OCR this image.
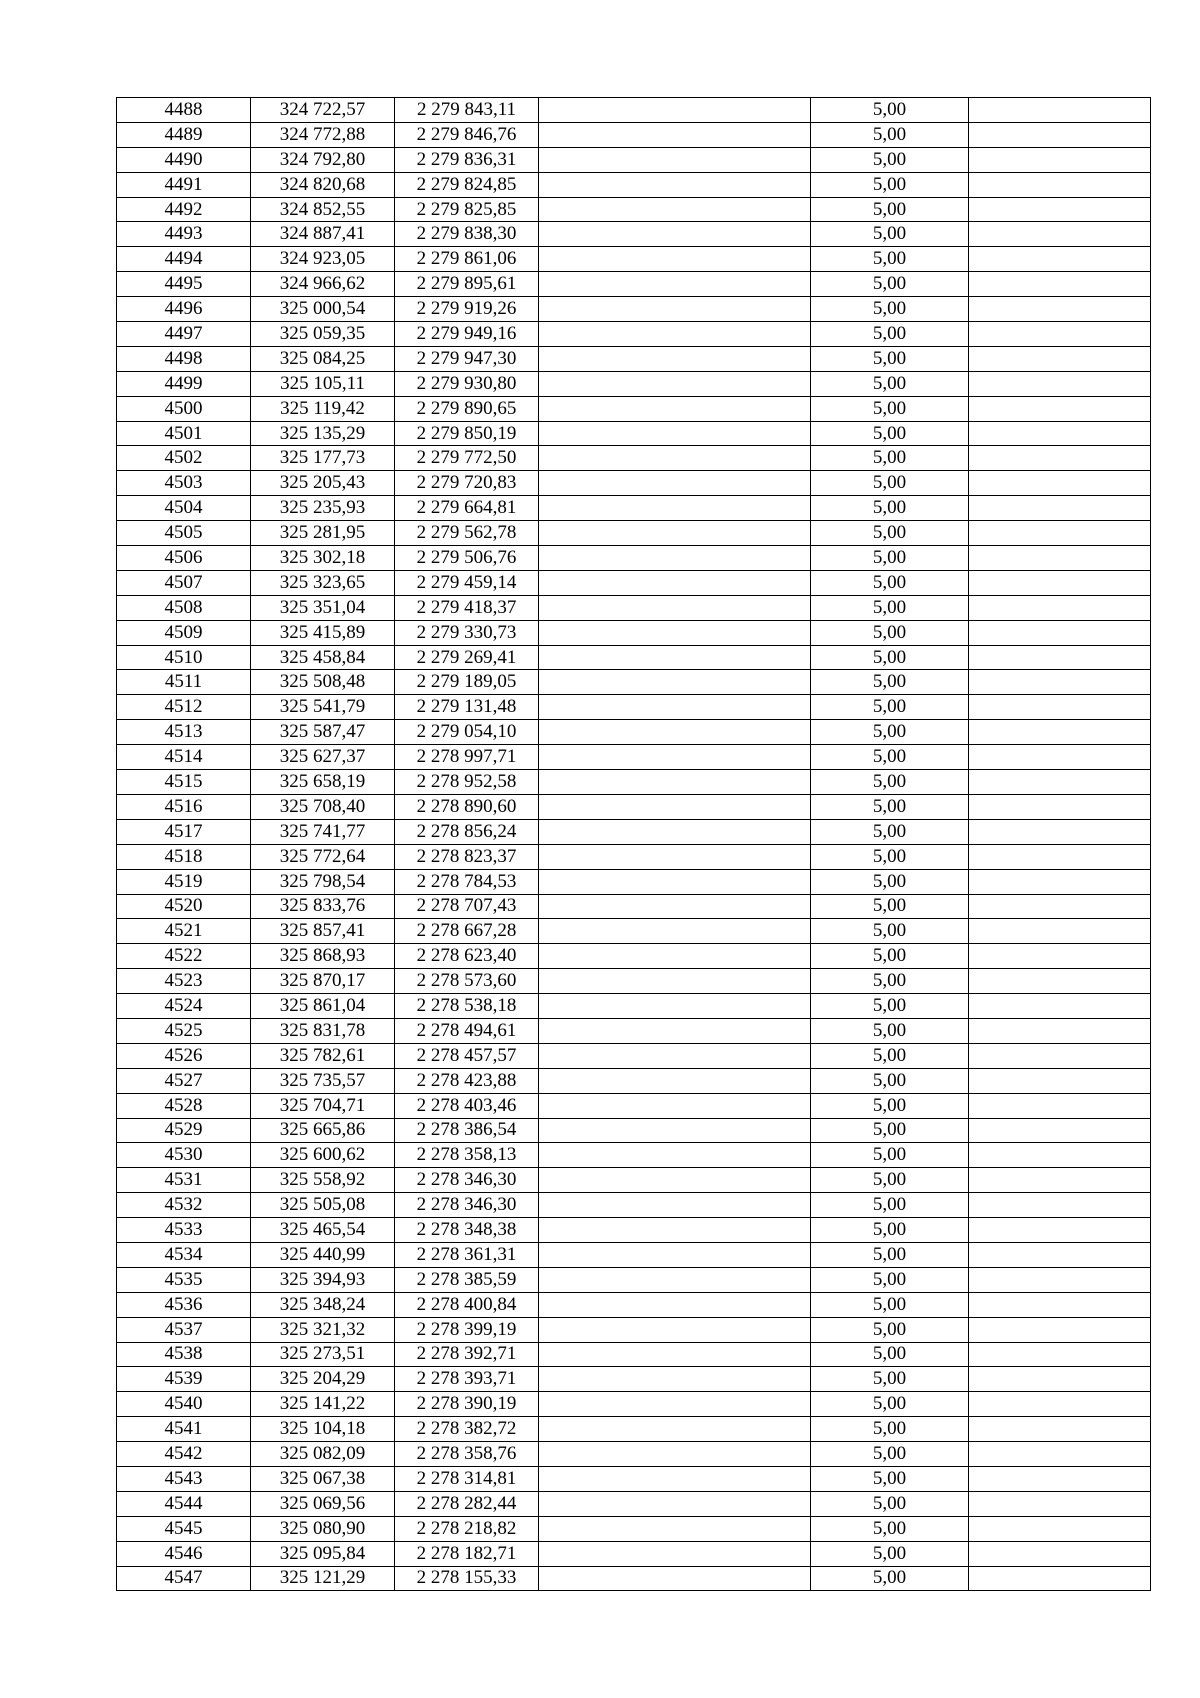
4488	324 722,57	2 279 843,11		5,00	
4489	324 772,88	2 279 846,76		5,00	
4490	324 792,80	2 279 836,31		5,00	
4491	324 820,68	2 279 824,85		5,00	
4492	324 852,55	2 279 825,85		5,00	
4493	324 887,41	2 279 838,30		5,00	
4494	324 923,05	2 279 861,06		5,00	
4495	324 966,62	2 279 895,61		5,00	
4496	325 000,54	2 279 919,26		5,00	
4497	325 059,35	2 279 949,16		5,00	
4498	325 084,25	2 279 947,30		5,00	
4499	325 105,11	2 279 930,80		5,00	
4500	325 119,42	2 279 890,65		5,00	
4501	325 135,29	2 279 850,19		5,00	
4502	325 177,73	2 279 772,50		5,00	
4503	325 205,43	2 279 720,83		5,00	
4504	325 235,93	2 279 664,81		5,00	
4505	325 281,95	2 279 562,78		5,00	
4506	325 302,18	2 279 506,76		5,00	
4507	325 323,65	2 279 459,14		5,00	
4508	325 351,04	2 279 418,37		5,00	
4509	325 415,89	2 279 330,73		5,00	
4510	325 458,84	2 279 269,41		5,00	
4511	325 508,48	2 279 189,05		5,00	
4512	325 541,79	2 279 131,48		5,00	
4513	325 587,47	2 279 054,10		5,00	
4514	325 627,37	2 278 997,71		5,00	
4515	325 658,19	2 278 952,58		5,00	
4516	325 708,40	2 278 890,60		5,00	
4517	325 741,77	2 278 856,24		5,00	
4518	325 772,64	2 278 823,37		5,00	
4519	325 798,54	2 278 784,53		5,00	
4520	325 833,76	2 278 707,43		5,00	
4521	325 857,41	2 278 667,28		5,00	
4522	325 868,93	2 278 623,40		5,00	
4523	325 870,17	2 278 573,60		5,00	
4524	325 861,04	2 278 538,18		5,00	
4525	325 831,78	2 278 494,61		5,00	
4526	325 782,61	2 278 457,57		5,00	
4527	325 735,57	2 278 423,88		5,00	
4528	325 704,71	2 278 403,46		5,00	
4529	325 665,86	2 278 386,54		5,00	
4530	325 600,62	2 278 358,13		5,00	
4531	325 558,92	2 278 346,30		5,00	
4532	325 505,08	2 278 346,30		5,00	
4533	325 465,54	2 278 348,38		5,00	
4534	325 440,99	2 278 361,31		5,00	
4535	325 394,93	2 278 385,59		5,00	
4536	325 348,24	2 278 400,84		5,00	
4537	325 321,32	2 278 399,19		5,00	
4538	325 273,51	2 278 392,71		5,00	
4539	325 204,29	2 278 393,71		5,00	
4540	325 141,22	2 278 390,19		5,00	
4541	325 104,18	2 278 382,72		5,00	
4542	325 082,09	2 278 358,76		5,00	
4543	325 067,38	2 278 314,81		5,00	
4544	325 069,56	2 278 282,44		5,00	
4545	325 080,90	2 278 218,82		5,00	
4546	325 095,84	2 278 182,71		5,00	
4547	325 121,29	2 278 155,33		5,00	
